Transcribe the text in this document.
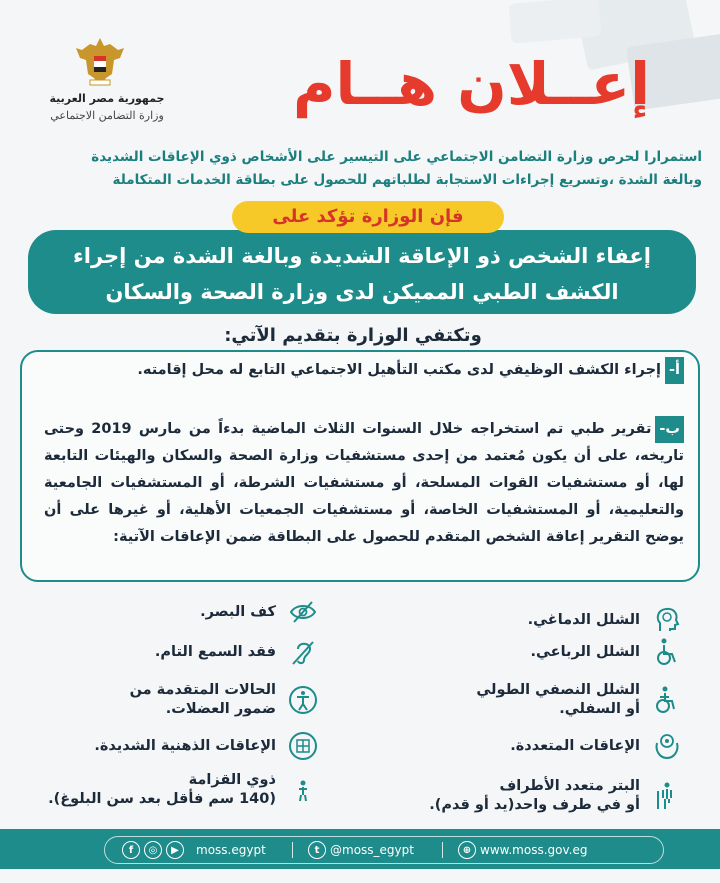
جمهورية مصر العربية
وزارة التضامن الاجتماعي	إعــلان هــام
استمرارا لحرص وزارة التضامن الاجتماعي على التيسير على الأشخاص ذوي الإعاقات الشديدة
وبالغة الشدة ،وتسريع إجراءات الاستجابة لطلباتهم للحصول على بطاقة الخدمات المتكاملة
إعفاء الشخص ذو الإعاقة الشديدة وبالغة الشدة من إجراء
الكشف الطبي المميكن لدى وزارة الصحة والسكان
فإن الوزارة تؤكد على
أ-إجراء الكشف الوظيفي لدى مكتب التأهيل الاجتماعي التابع له محل إقامته.
ب-تقرير طبي تم استخراجه خلال السنوات الثلاث الماضية بدءاً من مارس 2019 وحتى تاريخه، على أن يكون مُعتمد من إحدى مستشفيات وزارة الصحة والسكان والهيئات التابعة لها، أو مستشفيات القوات المسلحة، أو مستشفيات الشرطة، أو المستشفيات الجامعية والتعليمية، أو المستشفيات الخاصة، أو مستشفيات الجمعيات الأهلية، أو غيرها على أن يوضح التقرير إعاقة الشخص المتقدم للحصول على البطاقة ضمن الإعاقات الآتية:
وتكتفي الوزارة بتقديم الآتي:
الشلل الدماغي.
الشلل الرباعي.
الشلل النصفي الطولي
أو السفلي.
الإعاقات المتعددة.
البتر متعدد الأطراف
أو في طرف واحد(يد أو قدم).
كف البصر.
فقد السمع التام.
الحالات المتقدمة من
ضمور العضلات.
الإعاقات الذهنية الشديدة.
ذوي القزامة
(140 سم فأقل بعد سن البلوغ).
f	◎	▶	moss.egypt	t @moss_egypt	⊕ www.moss.gov.eg
